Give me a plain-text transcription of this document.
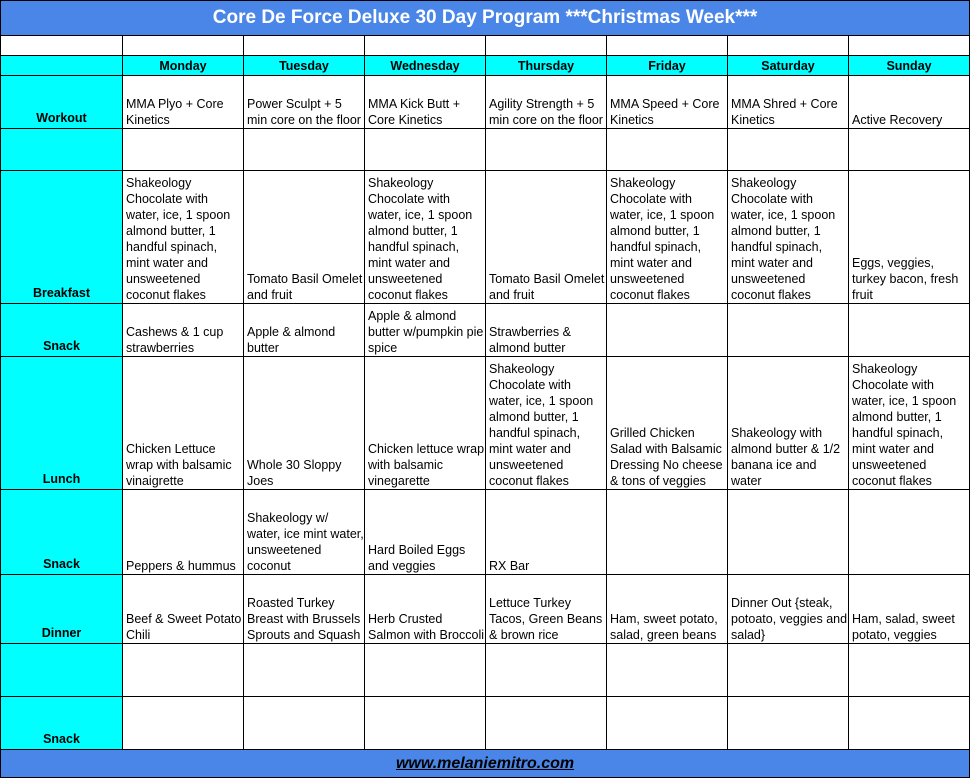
Core De Force Deluxe 30 Day Program ***Christmas Week***							

	Monday	Tuesday	Wednesday	Thursday	Friday	Saturday	Sunday
Workout	MMA Plyo + Core Kinetics	Power Sculpt + 5 min core on the floor	MMA Kick Butt + Core Kinetics	Agility Strength + 5 min core on the floor	MMA Speed + Core Kinetics	MMA Shred + Core Kinetics	Active Recovery

Breakfast	Shakeology Chocolate with water, ice, 1 spoon almond butter, 1 handful spinach, mint water and unsweetened coconut flakes	Tomato Basil Omelet and fruit	Shakeology Chocolate with water, ice, 1 spoon almond butter, 1 handful spinach, mint water and unsweetened coconut flakes	Tomato Basil Omelet and fruit	Shakeology Chocolate with water, ice, 1 spoon almond butter, 1 handful spinach, mint water and unsweetened coconut flakes	Shakeology Chocolate with water, ice, 1 spoon almond butter, 1 handful spinach, mint water and unsweetened coconut flakes	Eggs, veggies, turkey bacon, fresh fruit
Snack	Cashews & 1 cup strawberries	Apple & almond butter	Apple & almond butter w/pumpkin pie spice	Strawberries & almond butter			
Lunch	Chicken Lettuce wrap with balsamic vinaigrette	Whole 30 Sloppy Joes	Chicken lettuce wrap with balsamic vinegarette	Shakeology Chocolate with water, ice, 1 spoon almond butter, 1 handful spinach, mint water and unsweetened coconut flakes	Grilled Chicken Salad with Balsamic Dressing No cheese & tons of veggies	Shakeology with almond butter & 1/2 banana ice and water	Shakeology Chocolate with water, ice, 1 spoon almond butter, 1 handful spinach, mint water and unsweetened coconut flakes
Snack	Peppers & hummus	Shakeology w/ water, ice mint water, unsweetened coconut	Hard Boiled Eggs and veggies	RX Bar			
Dinner	Beef & Sweet Potato Chili	Roasted Turkey Breast with Brussels Sprouts and Squash	Herb Crusted Salmon with Broccoli	Lettuce Turkey Tacos, Green Beans & brown rice	Ham, sweet potato, salad, green beans	Dinner Out {steak, potoato, veggies and salad}	Ham, salad, sweet potato, veggies

Snack							
www.melaniemitro.com							
